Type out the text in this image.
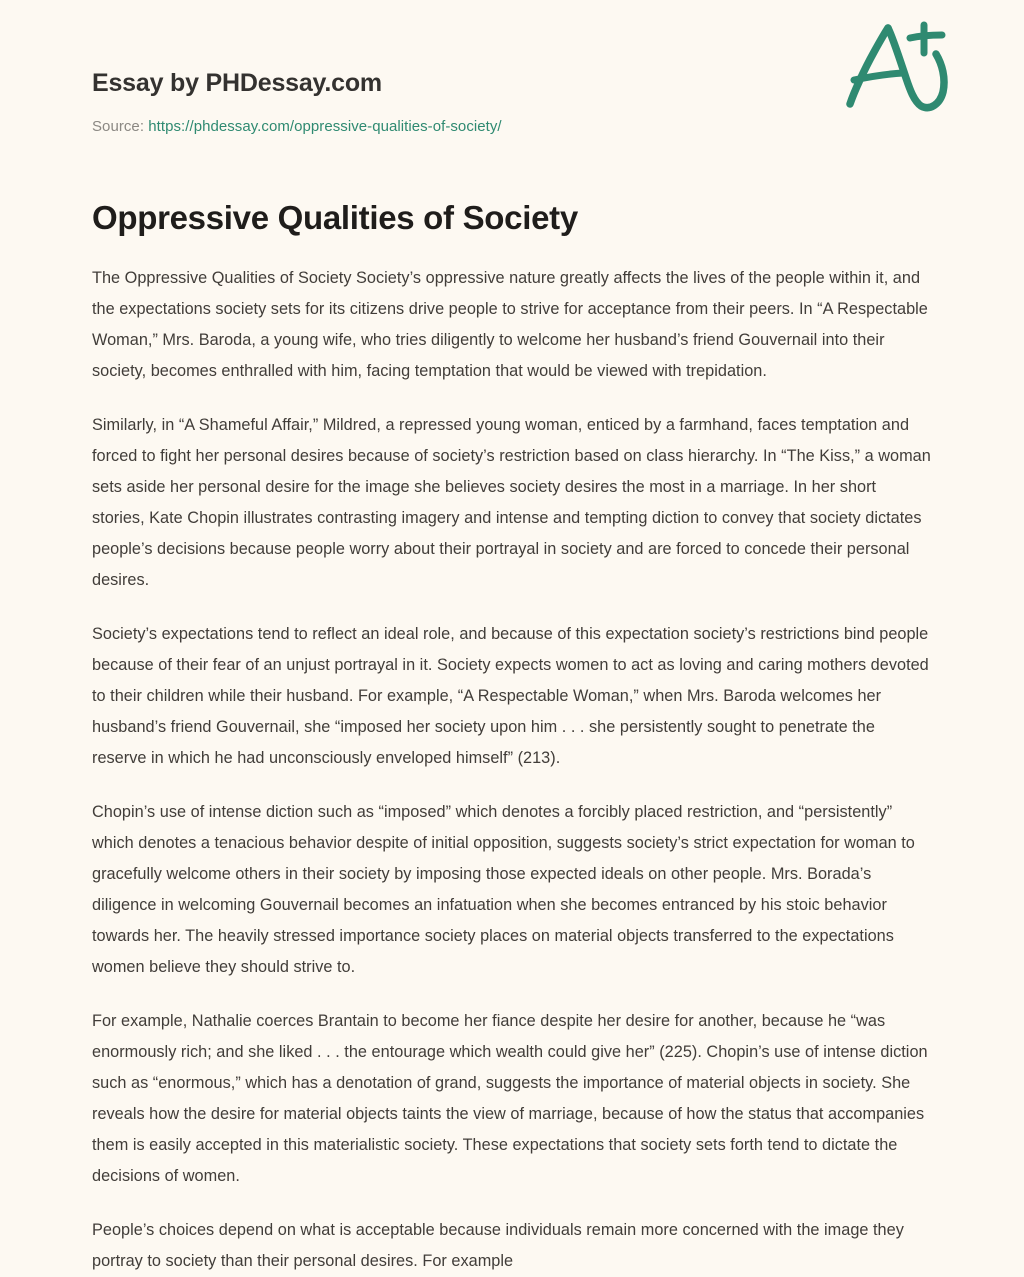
Essay by PHDessay.com
Source: https://phdessay.com/oppressive-qualities-of-society/
Oppressive Qualities of Society

The Oppressive Qualities of Society Society’s oppressive nature greatly affects the lives of the people within it, and the expectations society sets for its citizens drive people to strive for acceptance from their peers. In “A Respectable Woman,” Mrs. Baroda, a young wife, who tries diligently to welcome her husband’s friend Gouvernail into their society, becomes enthralled with him, facing temptation that would be viewed with trepidation.

Similarly, in “A Shameful Affair,” Mildred, a repressed young woman, enticed by a farmhand, faces temptation and forced to fight her personal desires because of society’s restriction based on class hierarchy. In “The Kiss,” a woman sets aside her personal desire for the image she believes society desires the most in a marriage. In her short stories, Kate Chopin illustrates contrasting imagery and intense and tempting diction to convey that society dictates people’s decisions because people worry about their portrayal in society and are forced to concede their personal desires.

Society’s expectations tend to reflect an ideal role, and because of this expectation society’s restrictions bind people because of their fear of an unjust portrayal in it. Society expects women to act as loving and caring mothers devoted to their children while their husband. For example, “A Respectable Woman,” when Mrs. Baroda welcomes her husband’s friend Gouvernail, she “imposed her society upon him . . . she persistently sought to penetrate the reserve in which he had unconsciously enveloped himself” (213).

Chopin’s use of intense diction such as “imposed” which denotes a forcibly placed restriction, and “persistently” which denotes a tenacious behavior despite of initial opposition, suggests society’s strict expectation for woman to gracefully welcome others in their society by imposing those expected ideals on other people. Mrs. Borada’s diligence in welcoming Gouvernail becomes an infatuation when she becomes entranced by his stoic behavior towards her. The heavily stressed importance society places on material objects transferred to the expectations women believe they should strive to.

For example, Nathalie coerces Brantain to become her fiance despite her desire for another, because he “was enormously rich; and she liked . . . the entourage which wealth could give her” (225). Chopin’s use of intense diction such as “enormous,” which has a denotation of grand, suggests the importance of material objects in society. She reveals how the desire for material objects taints the view of marriage, because of how the status that accompanies them is easily accepted in this materialistic society. These expectations that society sets forth tend to dictate the decisions of women.

People’s choices depend on what is acceptable because individuals remain more concerned with the image they portray to society than their personal desires. For example
